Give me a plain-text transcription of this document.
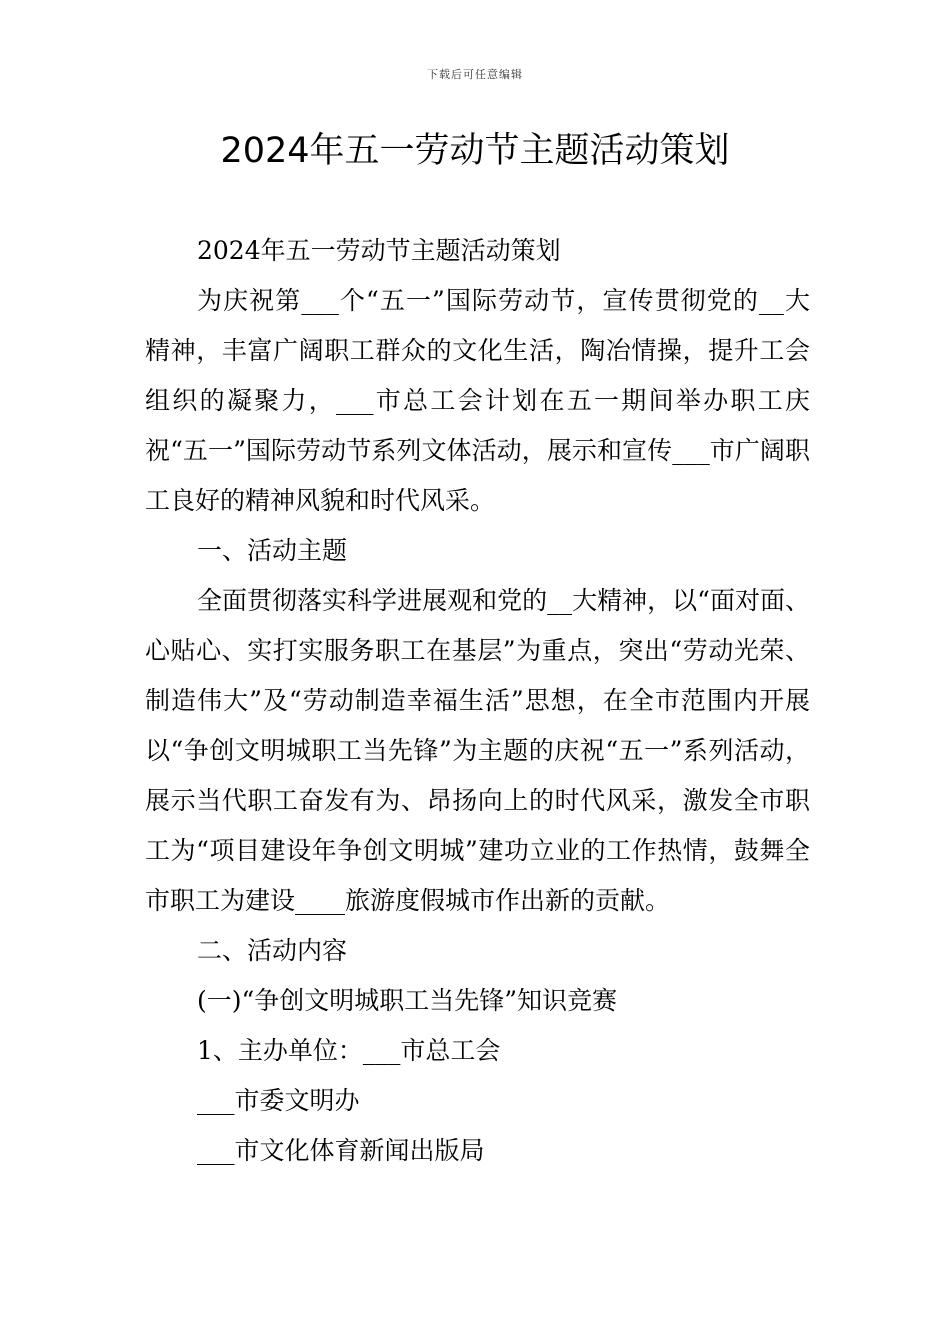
下载后可任意编辑
2024年五一劳动节主题活动策划

2024年五一劳动节主题活动策划

为庆祝第___个“五一”国际劳动节，宣传贯彻党的__大精神，丰富广阔职工群众的文化生活，陶冶情操，提升工会组织的凝聚力，___市总工会计划在五一期间举办职工庆祝“五一”国际劳动节系列文体活动，展示和宣传___市广阔职工良好的精神风貌和时代风采。

一、活动主题

全面贯彻落实科学进展观和党的__大精神，以“面对面、心贴心、实打实服务职工在基层”为重点，突出“劳动光荣、制造伟大”及“劳动制造幸福生活”思想，在全市范围内开展以“争创文明城职工当先锋”为主题的庆祝“五一”系列活动，展示当代职工奋发有为、昂扬向上的时代风采，激发全市职工为“项目建设年争创文明城”建功立业的工作热情，鼓舞全市职工为建设____旅游度假城市作出新的贡献。

二、活动内容

(一)“争创文明城职工当先锋”知识竞赛

1、主办单位：___市总工会

___市委文明办

___市文化体育新闻出版局
